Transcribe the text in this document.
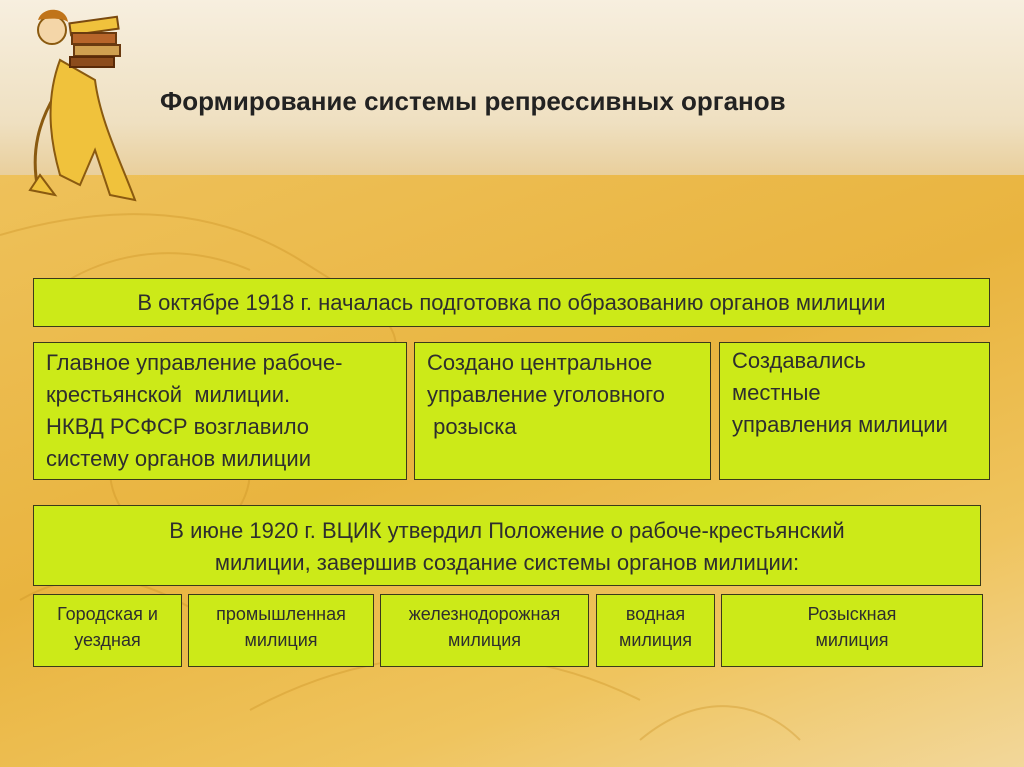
Формирование системы репрессивных органов
В октябре 1918 г. началась подготовка по образованию органов милиции
Главное управление рабоче-
крестьянской  милиции.
НКВД РСФСР возглавило
систему органов милиции
Создано центральное
управление уголовного
розыска
Создавались
местные
управления милиции
В июне 1920 г. ВЦИК утвердил Положение о рабоче-крестьянский
милиции, завершив создание системы органов милиции:
Городская и
уездная
промышленная
милиция
железнодорожная
милиция
водная
милиция
Розыскная
милиция
